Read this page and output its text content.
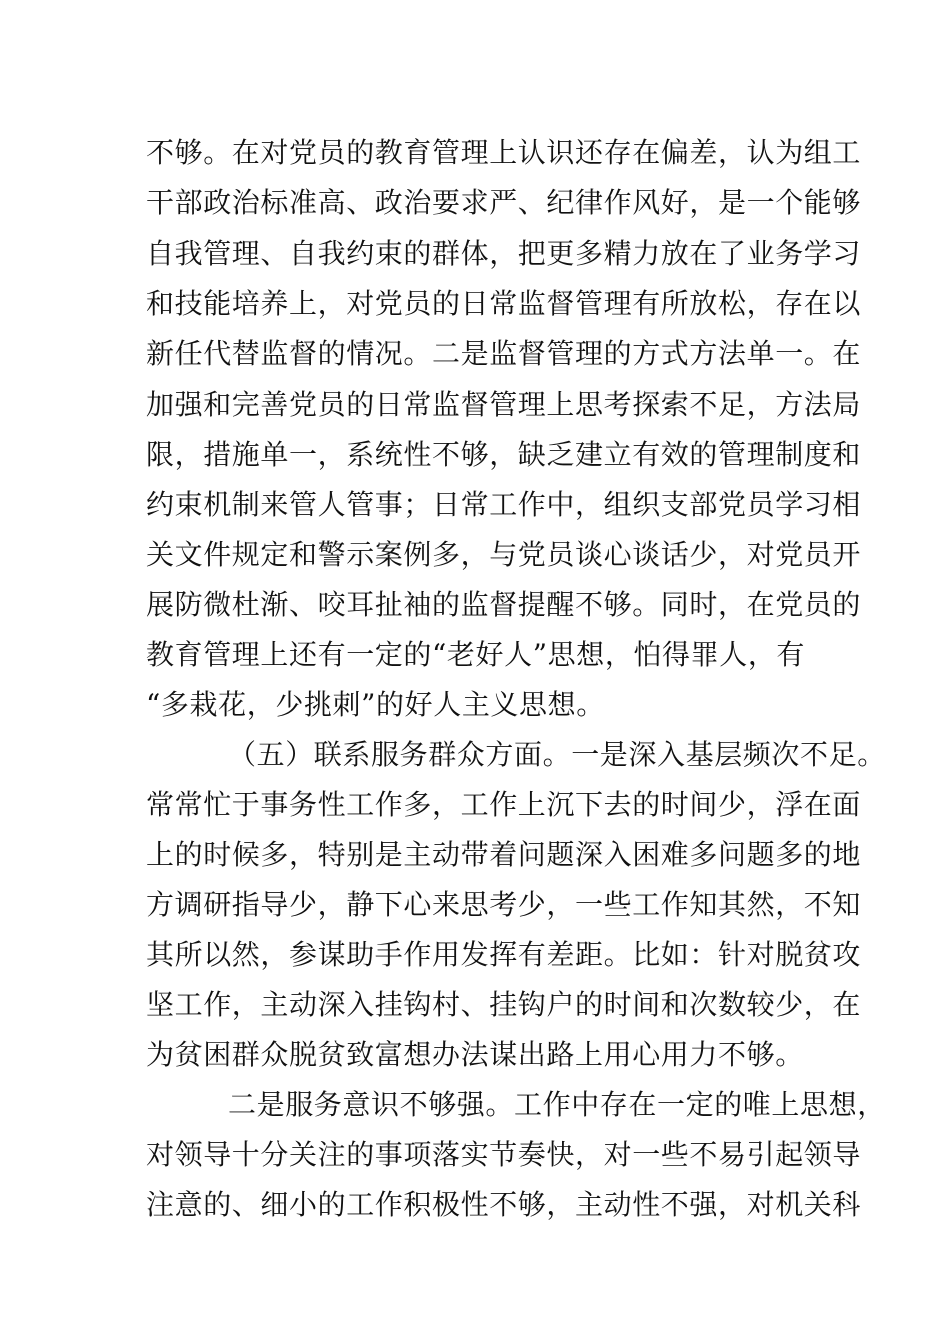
不够。在对党员的教育管理上认识还存在偏差，认为组工
干部政治标准高、政治要求严、纪律作风好，是一个能够
自我管理、自我约束的群体，把更多精力放在了业务学习
和技能培养上，对党员的日常监督管理有所放松，存在以
新任代替监督的情况。二是监督管理的方式方法单一。在
加强和完善党员的日常监督管理上思考探索不足，方法局
限，措施单一，系统性不够，缺乏建立有效的管理制度和
约束机制来管人管事；日常工作中，组织支部党员学习相
关文件规定和警示案例多，与党员谈心谈话少，对党员开
展防微杜渐、咬耳扯袖的监督提醒不够。同时，在党员的
教育管理上还有一定的“老好人”思想，怕得罪人，有
“多栽花，少挑刺”的好人主义思想。
（五）联系服务群众方面。一是深入基层频次不足。
常常忙于事务性工作多，工作上沉下去的时间少，浮在面
上的时候多，特别是主动带着问题深入困难多问题多的地
方调研指导少，静下心来思考少，一些工作知其然，不知
其所以然，参谋助手作用发挥有差距。比如：针对脱贫攻
坚工作，主动深入挂钩村、挂钩户的时间和次数较少，在
为贫困群众脱贫致富想办法谋出路上用心用力不够。
二是服务意识不够强。工作中存在一定的唯上思想，
对领导十分关注的事项落实节奏快，对一些不易引起领导
注意的、细小的工作积极性不够，主动性不强，对机关科
